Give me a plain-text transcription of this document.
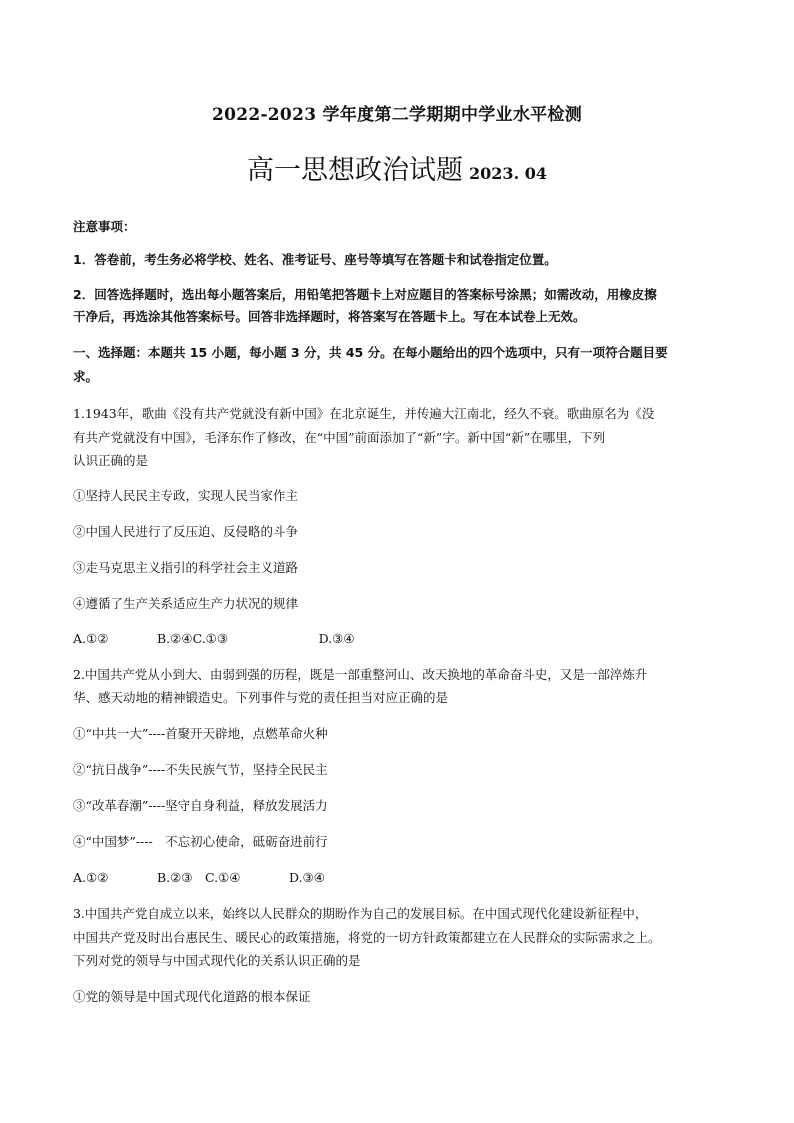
2022-2023 学年度第二学期期中学业水平检测
高一思想政治试题 2023. 04
注意事项：
1．答卷前，考生务必将学校、姓名、准考证号、座号等填写在答题卡和试卷指定位置。
2．回答选择题时，选出每小题答案后，用铅笔把答题卡上对应题目的答案标号涂黑；如需改动，用橡皮擦
干净后，再选涂其他答案标号。回答非选择题时，将答案写在答题卡上。写在本试卷上无效。
一、选择题：本题共 15 小题，每小题 3 分，共 45 分。在每小题给出的四个选项中，只有一项符合题目要
求。
1.1943年，歌曲《没有共产党就没有新中国》在北京诞生，并传遍大江南北，经久不衰。歌曲原名为《没
有共产党就没有中国》，毛泽东作了修改，在“中国”前面添加了“新”字。新中国“新”在哪里，下列
认识正确的是
①坚持人民民主专政，实现人民当家作主
②中国人民进行了反压迫、反侵略的斗争
③走马克思主义指引的科学社会主义道路
④遵循了生产关系适应生产力状况的规律
A.①②	B.②④C.①③	D.③④
2.中国共产党从小到大、由弱到强的历程，既是一部重整河山、改天换地的革命奋斗史，又是一部淬炼升
华、感天动地的精神锻造史。下列事件与党的责任担当对应正确的是
①“中共一大”----首聚开天辟地，点燃革命火种
②“抗日战争”----不失民族气节，坚持全民民主
③“改革春潮”----坚守自身利益，释放发展活力
④“中国梦”----　不忘初心使命，砥砺奋进前行
A.①②	B.②③ C.①④	D.③④
3.中国共产党自成立以来，始终以人民群众的期盼作为自己的发展目标。在中国式现代化建设新征程中，
中国共产党及时出台惠民生、暖民心的政策措施，将党的一切方针政策都建立在人民群众的实际需求之上。
下列对党的领导与中国式现代化的关系认识正确的是
①党的领导是中国式现代化道路的根本保证
